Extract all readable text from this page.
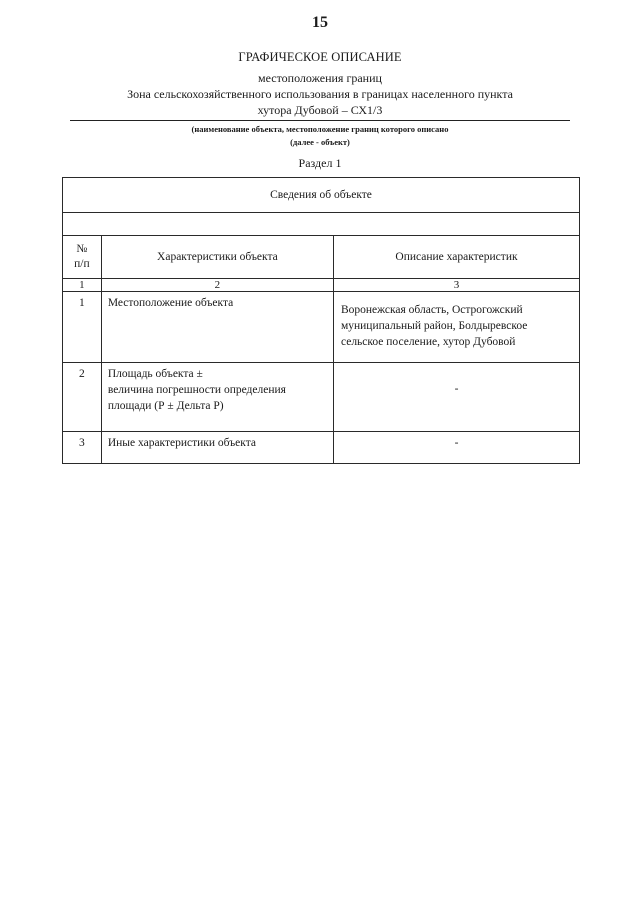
15
ГРАФИЧЕСКОЕ ОПИСАНИЕ
местоположения границ
Зона сельскохозяйственного использования в границах населенного пункта
хутора Дубовой – СХ1/3
(наименование объекта, местоположение границ которого описано
(далее - объект)
Раздел 1
Сведения об объекте		

№
п/п	Характеристики объекта	Описание характеристик
1	2	3
1	Местоположение объекта	Воронежская область, Острогожский
муниципальный район, Болдыревское
сельское поселение, хутор Дубовой

2	Площадь объекта ±
величина погрешности определения
площади (Р ± Дельта Р)	-
3	Иные характеристики объекта	-
